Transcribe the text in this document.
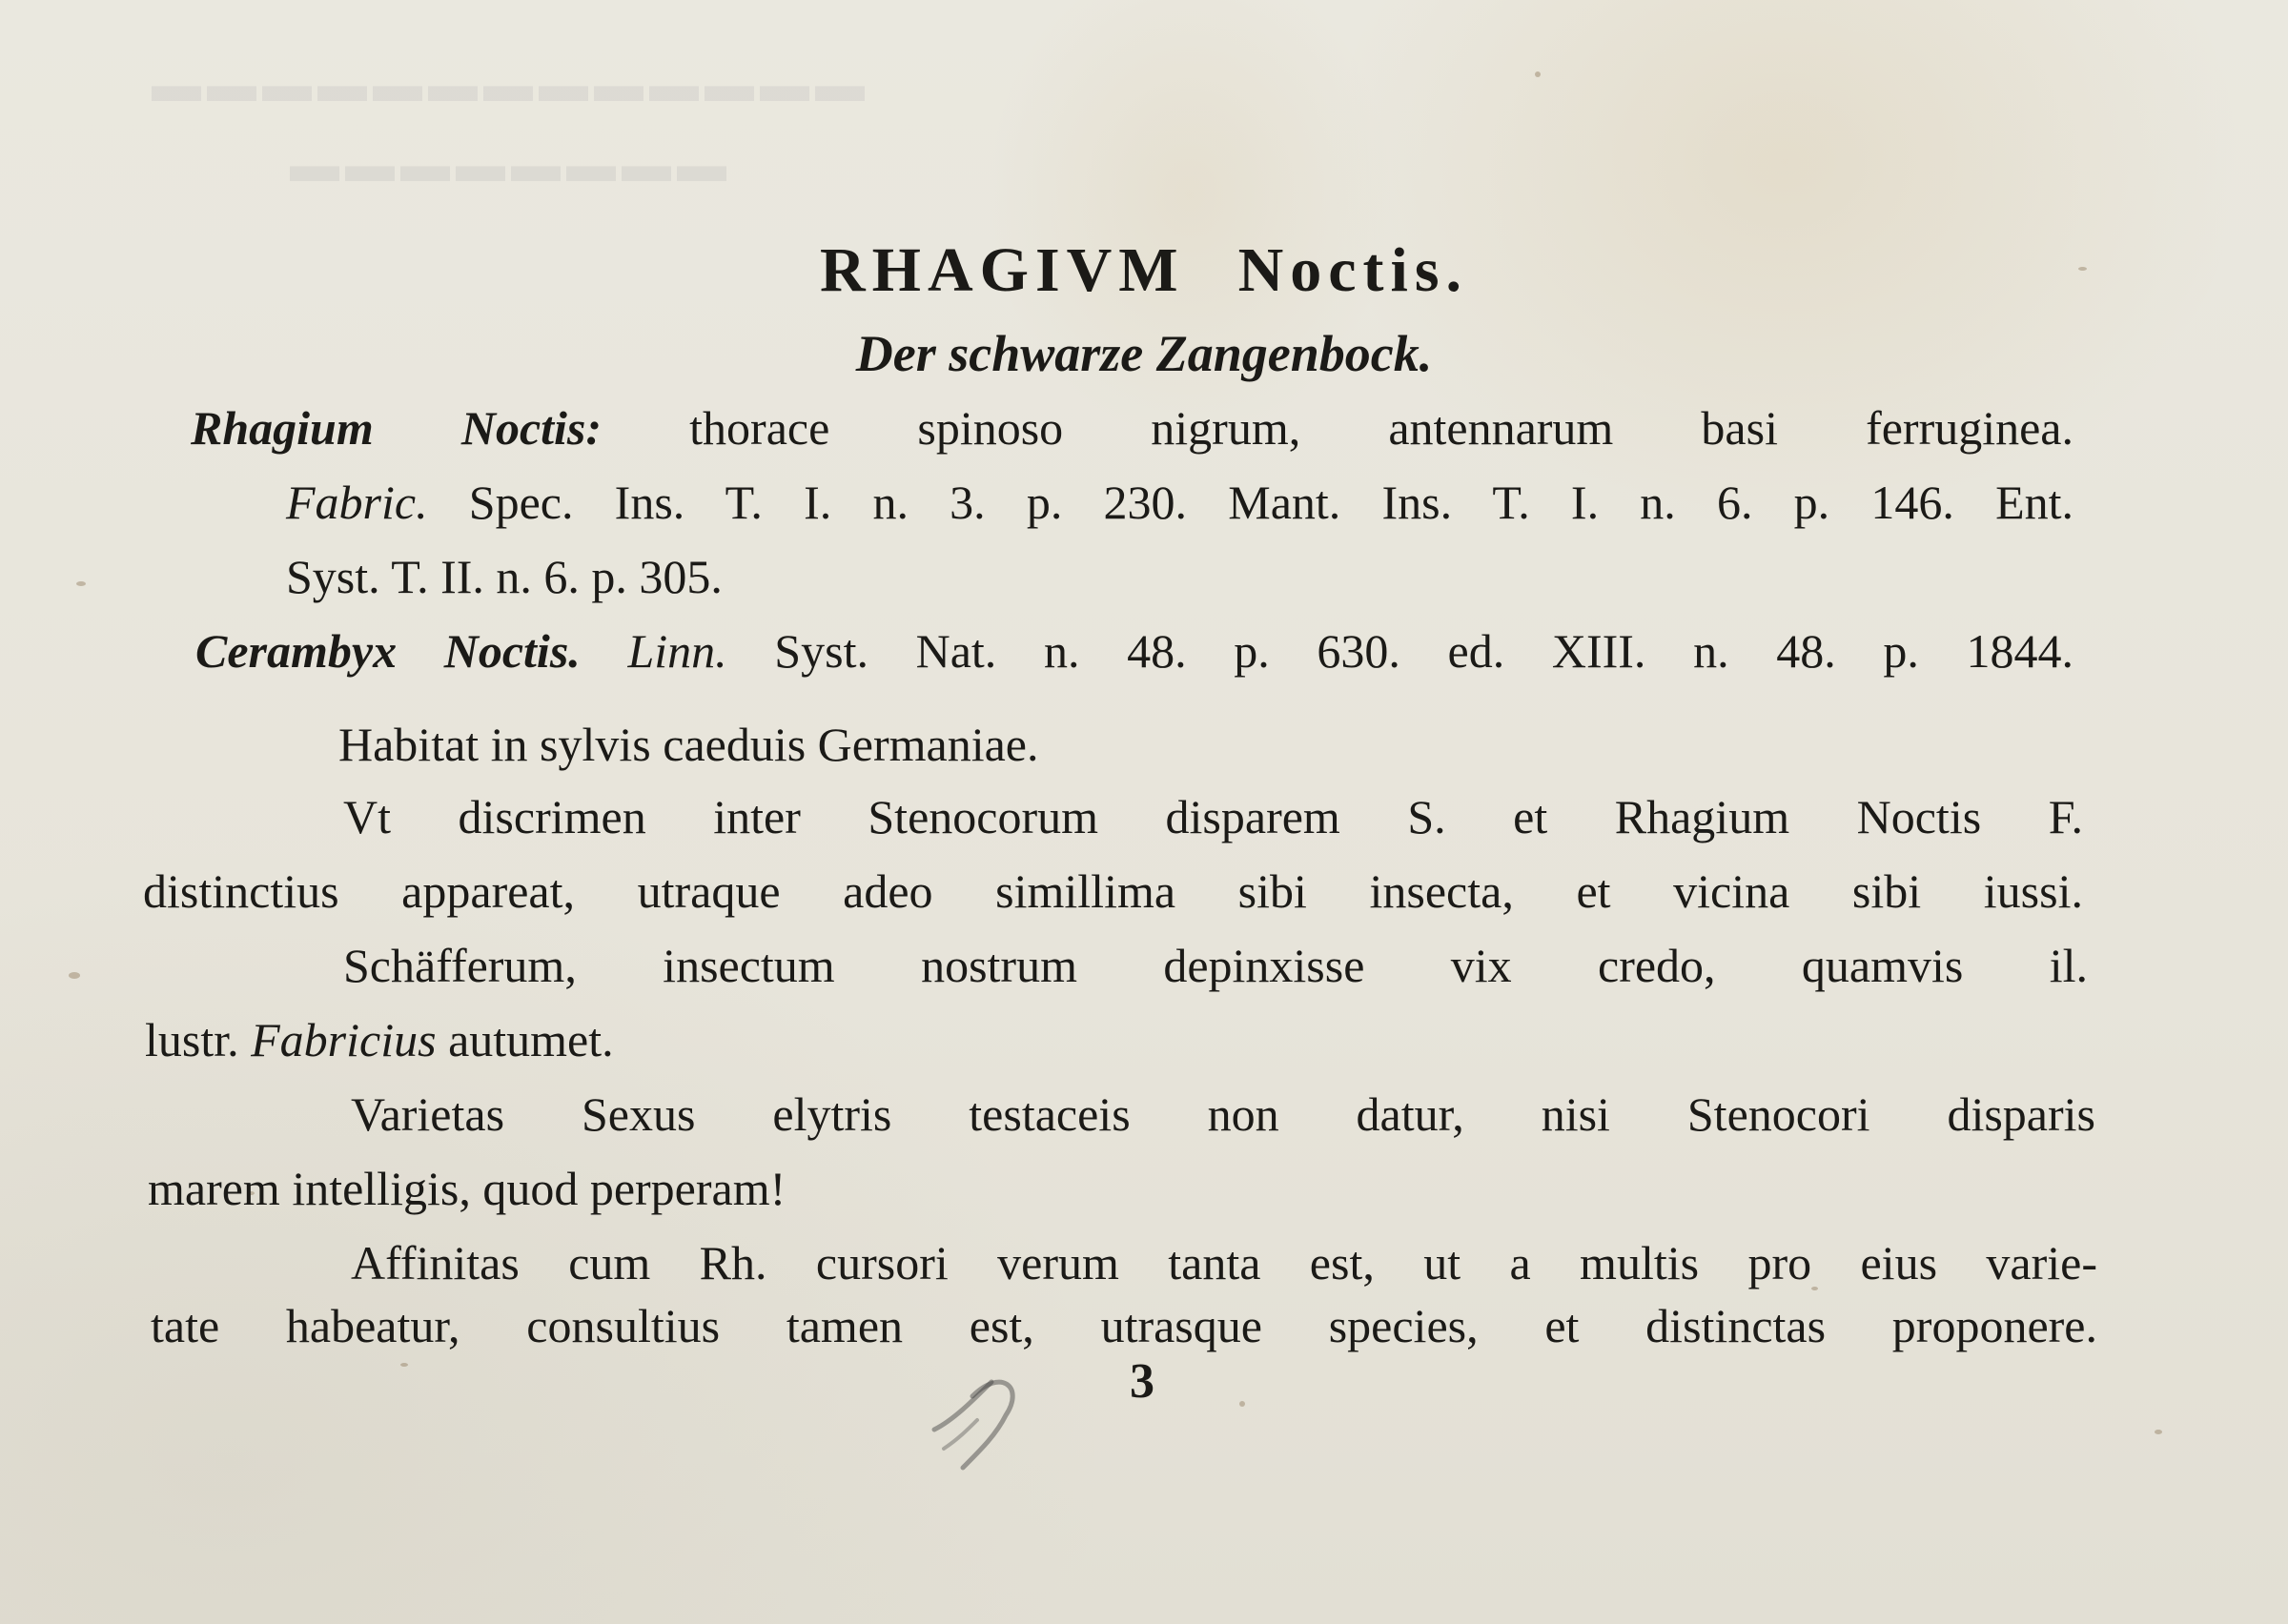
▬▬▬▬▬▬▬▬▬▬▬▬▬
▬▬▬▬▬▬▬▬
RHAGIVM Noctis.
Der schwarze Zangenbock.
Rhagium Noctis: thorace spinoso nigrum, antennarum basi ferruginea.
Fabric. Spec. Ins. T. I. n. 3. p. 230. Mant. Ins. T. I. n. 6. p. 146. Ent.
Syst. T. II. n. 6. p. 305.
Cerambyx Noctis. Linn. Syst. Nat. n. 48. p. 630. ed. XIII. n. 48. p. 1844.
Habitat in sylvis caeduis Germaniae.
Vt discrimen inter Stenocorum disparem S. et Rhagium Noctis F.
distinctius appareat, utraque adeo simillima sibi insecta, et vicina sibi iussi.
Schäfferum, insectum nostrum depinxisse vix credo, quamvis il.
lustr. Fabricius autumet.
Varietas Sexus elytris testaceis non datur, nisi Stenocori disparis
marem intelligis, quod perperam!
Affinitas cum Rh. cursori verum tanta est, ut a multis pro eius varie-
tate habeatur, consultius tamen est, utrasque species, et distinctas proponere.
3
